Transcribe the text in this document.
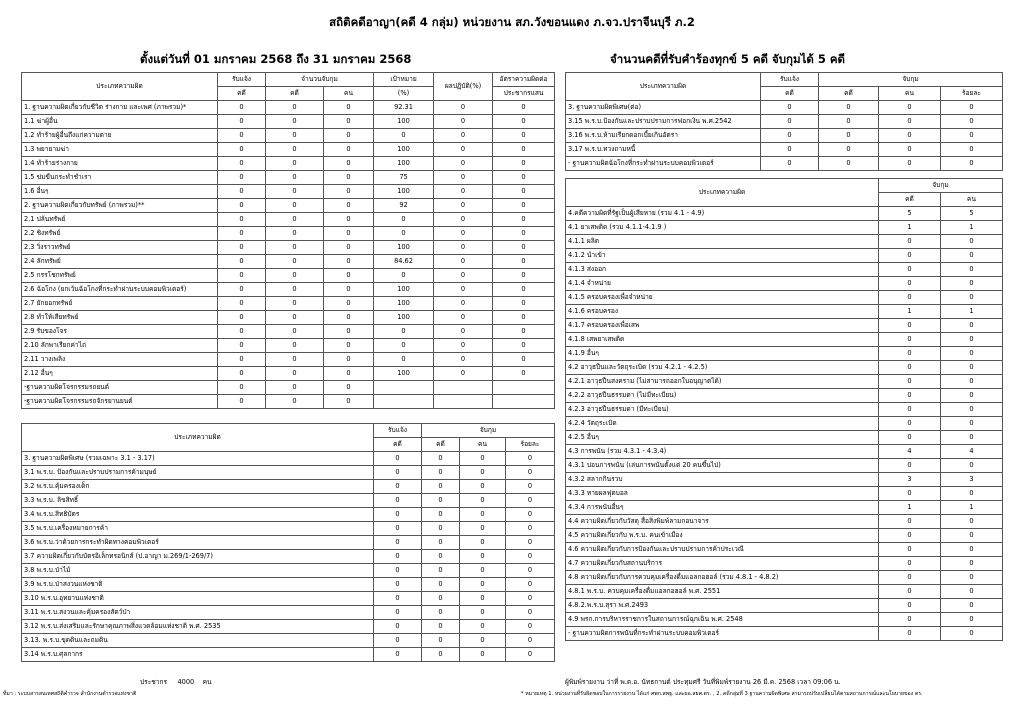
สถิติคดีอาญา(คดี 4 กลุ่ม) หน่วยงาน สภ.วังขอนแดง ภ.จว.ปราจีนบุรี ภ.2
ตั้งแต่วันที่ 01 มกราคม 2568 ถึง 31 มกราคม 2568	จำนวนคดีที่รับคำร้องทุกข์ 5 คดี จับกุมได้ 5 คดี
ประเภทความผิด	รับแจ้ง	จำนวนจับกุม		เป้าหมาย	ผลปฏิบัติ(%)	อัตราความผิดต่อ
	คดี	คดี	คน	(%)		ประชากรแสน
1. ฐานความผิดเกี่ยวกับชีวิต ร่างกาย และเพศ (ภาพรวม)*	0	0	0	92.31	0	0
1.1 ฆ่าผู้อื่น	0	0	0	100	0	0
1.2 ทำร้ายผู้อื่นถึงแก่ความตาย	0	0	0	0	0	0
1.3 พยายามฆ่า	0	0	0	100	0	0
1.4 ทำร้ายร่างกาย	0	0	0	100	0	0
1.5 ข่มขืนกระทำชำเรา	0	0	0	75	0	0
1.6 อื่นๆ	0	0	0	100	0	0
2. ฐานความผิดเกี่ยวกับทรัพย์ (ภาพรวม)**	0	0	0	92	0	0
2.1 ปล้นทรัพย์	0	0	0	0	0	0
2.2 ชิงทรัพย์	0	0	0	0	0	0
2.3 วิ่งราวทรัพย์	0	0	0	100	0	0
2.4 ลักทรัพย์	0	0	0	84.62	0	0
2.5 กรรโชกทรัพย์	0	0	0	0	0	0
2.6 ฉ้อโกง (ยกเว้นฉ้อโกงที่กระทำผ่านระบบคอมพิวเตอร์)	0	0	0	100	0	0
2.7 ยักยอกทรัพย์	0	0	0	100	0	0
2.8 ทำให้เสียทรัพย์	0	0	0	100	0	0
2.9 รับของโจร	0	0	0	0	0	0
2.10 ลักพาเรียกค่าไถ่	0	0	0	0	0	0
2.11 วางเพลิง	0	0	0	0	0	0
2.12 อื่นๆ	0	0	0	100	0	0
-ฐานความผิดโจรกรรมรถยนต์	0	0	0			
-ฐานความผิดโจรกรรมรถจักรยานยนต์	0	0	0			
ประเภทความผิด	รับแจ้ง	จับกุม		
	คดี	คดี	คน	ร้อยละ
3. ฐานความผิดพิเศษ (รวมเฉพาะ 3.1 - 3.17)	0	0	0	0
3.1 พ.ร.บ. ป้องกันและปราบปรามการค้ามนุษย์	0	0	0	0
3.2 พ.ร.บ.คุ้มครองเด็ก	0	0	0	0
3.3 พ.ร.บ. ลิขสิทธิ์	0	0	0	0
3.4 พ.ร.บ.สิทธิบัตร	0	0	0	0
3.5 พ.ร.บ.เครื่องหมายการค้า	0	0	0	0
3.6 พ.ร.บ.ว่าด้วยการกระทำผิดทางคอมพิวเตอร์	0	0	0	0
3.7 ความผิดเกี่ยวกับบัตรอิเล็กทรอนิกส์ (ป.อาญา ม.269/1-269/7)	0	0	0	0
3.8 พ.ร.บ.ป่าไม้	0	0	0	0
3.9 พ.ร.บ.ป่าสงวนแห่งชาติ	0	0	0	0
3.10 พ.ร.บ.อุทยานแห่งชาติ	0	0	0	0
3.11 พ.ร.บ.สงวนและคุ้มครองสัตว์ป่า	0	0	0	0
3.12 พ.ร.บ.ส่งเสริมและรักษาคุณภาพสิ่งแวดล้อมแห่งชาติ พ.ศ. 2535	0	0	0	0
3.13. พ.ร.บ.ขุดดินและถมดิน	0	0	0	0
3.14 พ.ร.บ.ศุลกากร	0	0	0	0
ประเภทความผิด	รับแจ้ง	จับกุม		
	คดี	คดี	คน	ร้อยละ
3. ฐานความผิดพิเศษ(ต่อ)	0	0	0	0
3.15 พ.ร.บ.ป้องกันและปราบปรามการฟอกเงิน พ.ศ.2542	0	0	0	0
3.16 พ.ร.บ.ห้ามเรียกดอกเบี้ยเกินอัตรา	0	0	0	0
3.17 พ.ร.บ.ทวงถามหนี้	0	0	0	0
- ฐานความผิดฉ้อโกงที่กระทำผ่านระบบคอมพิวเตอร์	0	0	0	0
ประเภทความผิด	จับกุม	
	คดี	คน
4.คดีความผิดที่รัฐเป็นผู้เสียหาย (รวม 4.1 - 4.9)	5	5
4.1 ยาเสพติด (รวม 4.1.1-4.1.9 )	1	1
4.1.1 ผลิต	0	0
4.1.2 นำเข้า	0	0
4.1.3 ส่งออก	0	0
4.1.4 จำหน่าย	0	0
4.1.5 ครอบครองเพื่อจำหน่าย	0	0
4.1.6 ครอบครอง	1	1
4.1.7 ครอบครองเพื่อเสพ	0	0
4.1.8 เสพยาเสพติด	0	0
4.1.9 อื่นๆ	0	0
4.2 อาวุธปืนและวัตถุระเบิด (รวม 4.2.1 - 4.2.5)	0	0
4.2.1 อาวุธปืนสงคราม (ไม่สามารถออกใบอนุญาตได้)	0	0
4.2.2 อาวุธปืนธรรมดา (ไม่มีทะเบียน)	0	0
4.2.3 อาวุธปืนธรรมดา (มีทะเบียน)	0	0
4.2.4 วัตถุระเบิด	0	0
4.2.5 อื่นๆ	0	0
4.3 การพนัน (รวม 4.3.1 - 4.3.4)	4	4
4.3.1 บ่อนการพนัน (เล่นการพนันตั้งแต่ 20 คนขึ้นไป)	0	0
4.3.2 สลากกินรวบ	3	3
4.3.3 ทายผลฟุตบอล	0	0
4.3.4 การพนันอื่นๆ	1	1
4.4 ความผิดเกี่ยวกับวัสดุ สื่อสิ่งพิมพ์ลามกอนาจาร	0	0
4.5 ความผิดเกี่ยวกับ พ.ร.บ. คนเข้าเมือง	0	0
4.6 ความผิดเกี่ยวกับการป้องกันและปราบปรามการค้าประเวณี	0	0
4.7 ความผิดเกี่ยวกับสถานบริการ	0	0
4.8 ความผิดเกี่ยวกับการควบคุมเครื่องดื่มแอลกอฮอล์ (รวม 4.8.1 - 4.8.2)	0	0
4.8.1 พ.ร.บ. ควบคุมเครื่องดื่มแอลกอฮอล์ พ.ศ. 2551	0	0
4.8.2.พ.ร.บ.สุรา พ.ศ.2493	0	0
4.9 พรก.การบริหารราชการในสถานการณ์ฉุกเฉิน พ.ศ. 2548	0	0
- ฐานความผิดการพนันที่กระทำผ่านระบบคอมพิวเตอร์	0	0
ประชากร 4000 คน	ผู้พิมพ์รายงาน ว่าที่ พ.ต.อ. นัทธกานต์ ประทุมศรี วันที่พิมพ์รายงาน 26 มี.ค. 2568 เวลา 09:06 น.
ที่มา : ระบบสารสนเทศสถิติคำรวจ สำนักงานตำรวจแห่งชาติ	* หมายเหตุ 1. หน่วยงานที่รับผิดชอบในการรายงาน ได้แก่ ศพก.สพฐ. และผอ.สยศ.ตร. , 2. คดีกลุ่มที่ 3 ฐานความผิดพิเศษ สามารถปรับเปลี่ยนได้ตามสถานการณ์และนโยบายของ ตร.
